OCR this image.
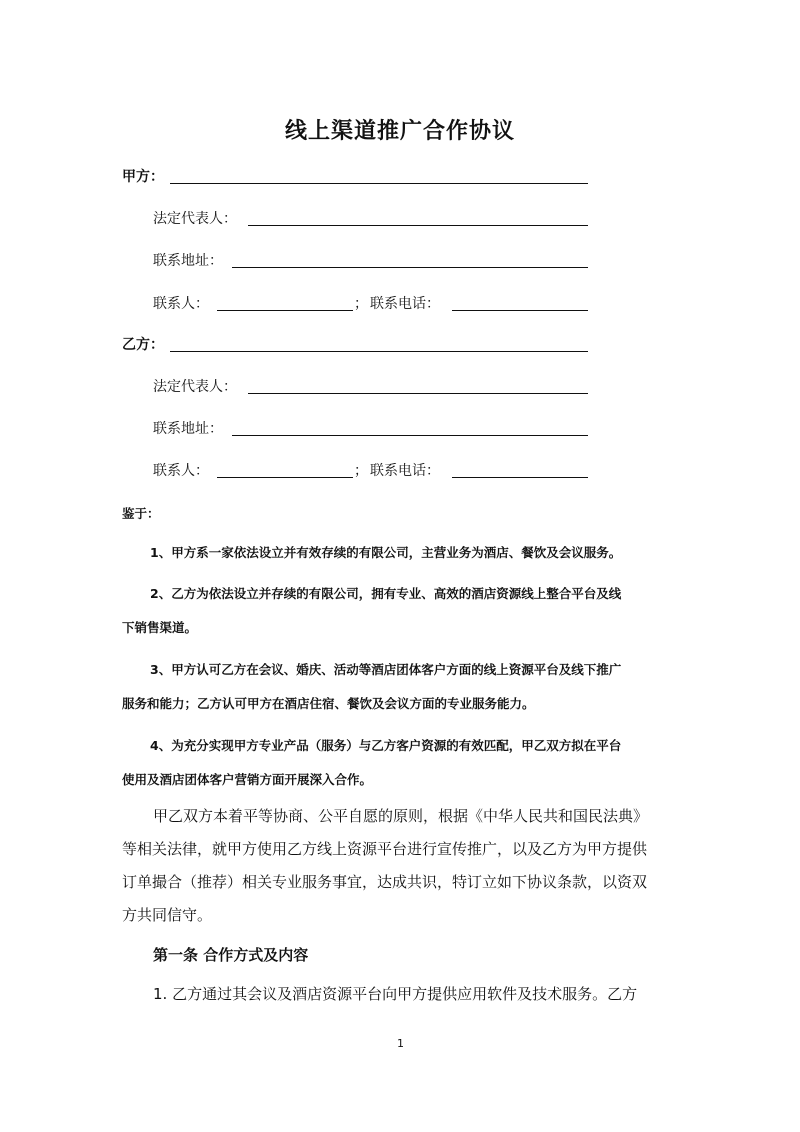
线上渠道推广合作协议
甲方：
法定代表人：
联系地址：
联系人：	； 联系电话：
乙方：
法定代表人：
联系地址：
联系人：	； 联系电话：
鉴于：
1、甲方系一家依法设立并有效存续的有限公司，主营业务为酒店、餐饮及会议服务。
2、乙方为依法设立并存续的有限公司，拥有专业、高效的酒店资源线上整合平台及线
下销售渠道。
3、甲方认可乙方在会议、婚庆、活动等酒店团体客户方面的线上资源平台及线下推广
服务和能力；乙方认可甲方在酒店住宿、餐饮及会议方面的专业服务能力。
4、为充分实现甲方专业产品（服务）与乙方客户资源的有效匹配，甲乙双方拟在平台
使用及酒店团体客户营销方面开展深入合作。
甲乙双方本着平等协商、公平自愿的原则，根据《中华人民共和国民法典》
等相关法律，就甲方使用乙方线上资源平台进行宣传推广，以及乙方为甲方提供
订单撮合（推荐）相关专业服务事宜，达成共识，特订立如下协议条款，以资双
方共同信守。
第一条 合作方式及内容
1. 乙方通过其会议及酒店资源平台向甲方提供应用软件及技术服务。乙方
1
